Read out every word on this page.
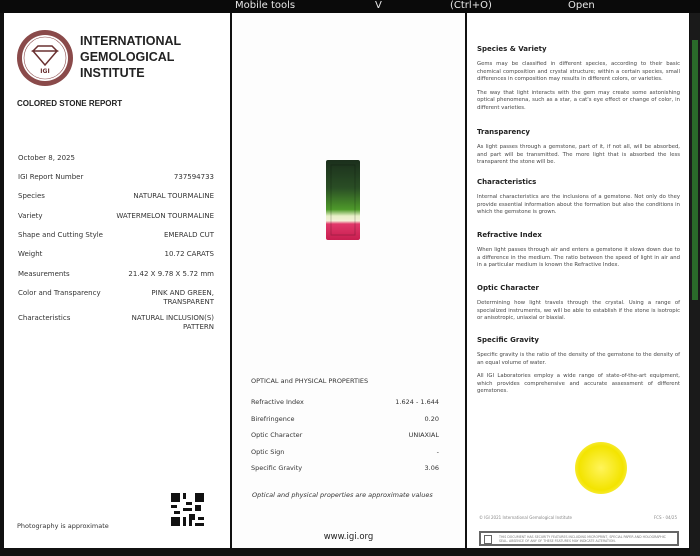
Mobile tools	V	(Ctrl+O)	Open
IGI
INTERNATIONAL
GEMOLOGICAL
INSTITUTE
COLORED STONE REPORT
October 8, 2025
IGI Report Number	737594733
Species	NATURAL TOURMALINE
Variety	WATERMELON TOURMALINE
Shape and Cutting Style	EMERALD CUT
Weight	10.72 CARATS
Measurements	21.42 X 9.78 X 5.72 mm
Color and Transparency	PINK AND GREEN,
TRANSPARENT
Characteristics	NATURAL INCLUSION(S)
PATTERN
Photography is approximate
OPTICAL and PHYSICAL PROPERTIES
Refractive Index	1.624 - 1.644
Birefringence	0.20
Optic Character	UNIAXIAL
Optic Sign	-
Specific Gravity	3.06
Optical and physical properties are approximate values
www.igi.org
Species & Variety

Gems may be classified in different species, according to their basic chemical composition and crystal structure; within a certain species, small differences in composition may results in different colors, or varieties.

The way that light interacts with the gem may create some astonishing optical phenomena, such as a star, a cat's eye effect or change of color, in different varieties.

Transparency

As light passes through a gemstone, part of it, if not all, will be absorbed, and part will be transmitted. The more light that is absorbed the less transparent the stone will be.

Characteristics

Internal characteristics are the inclusions of a gemstone. Not only do they provide essential information about the formation but also the conditions in which the gemstone is grown.

Refractive Index

When light passes through air and enters a gemstone it slows down due to a difference in the medium. The ratio between the speed of light in air and in a particular medium is known the Refractive Index.

Optic Character

Determining how light travels through the crystal. Using a range of specialized instruments, we will be able to establish if the stone is isotropic or anisotropic, uniaxial or biaxial.

Specific Gravity

Specific gravity is the ratio of the density of the gemstone to the density of an equal volume of water.

All IGI Laboratories employ a wide range of state-of-the-art equipment, which provides comprehensive and accurate assessment of different gemstones.

© IGI 2021 International Gemological Institute	FCS - 04/25
THIS DOCUMENT HAS SECURITY FEATURES INCLUDING MICROPRINT, SPECIAL PAPER AND HOLOGRAPHIC SEAL. ABSENCE OF ANY OF THESE FEATURES MAY INDICATE ALTERATION.
